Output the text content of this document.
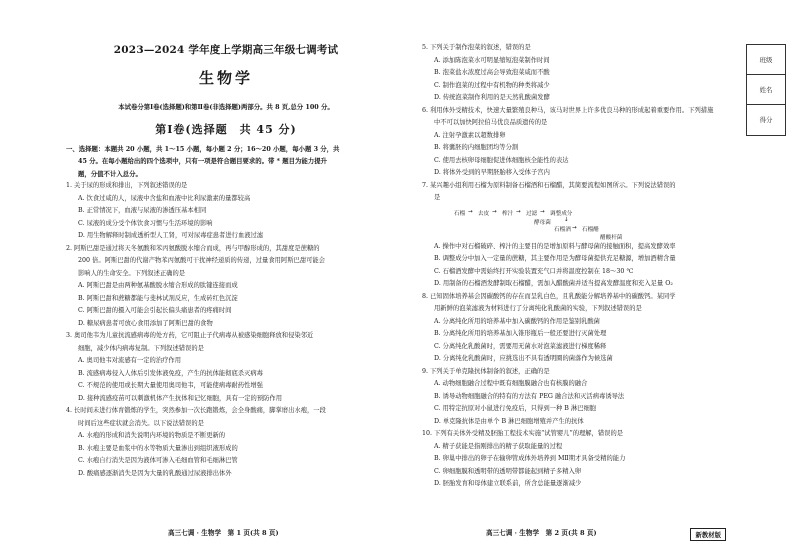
2023—2024 学年度上学期高三年级七调考试
生物学
本试卷分第Ⅰ卷(选择题)和第Ⅱ卷(非选择题)两部分。共 8 页,总分 100 分。
第Ⅰ卷(选择题　共 45 分)
一、选择题：本题共 20 小题，共 1～15 小题，每小题 2 分；16～20 小题，每小题 3 分，共
45 分。在每小题给出的四个选项中，只有一项是符合题目要求的。带 * 题目为能力提升
题，分值不计入总分。
1. 关于尿的形成和排出，下列叙述错误的是
A. 饮食过咸的人，尿液中含盐和血液中比利尿激素的量都较高
B. 正常情况下，血液与尿液的渗透压基本相同
C. 尿液的成分受个体饮食习惯与生活环境的影响
D. 用生物解释时制成透析型人工肾，可对尿毒症患者进行血液过滤
2. 阿斯巴甜是通过将天冬氨酸和苯丙氨酸脱水缩合而成，再与甲醇形成的，其甜度是蔗糖的
200 倍。阿斯巴甜的代谢产物苯丙氨酸可干扰神经递质的传递，过量食用阿斯巴甜可能会
影响人的生命安全。下列叙述正确的是
A. 阿斯巴甜是由两种氨基酸脱水缩合形成的肽键连接而成
B. 阿斯巴甜和蔗糖都能与斐林试剂反应，生成砖红色沉淀
C. 阿斯巴甜的摄入可能会引起长偏头痛患者的疼痛时间
D. 糖尿病患者可放心食用添加了阿斯巴甜的食物
3. 奥司他韦为儿童抗流感病毒的处方药，它可阻止子代病毒从被感染细胞释放和侵染邻近
细胞，减少体内病毒复制。下列叙述错误的是
A. 奥司他韦对流感有一定的治疗作用
B. 流感病毒侵入人体后引发体液免疫，产生的抗体能彻底杀灭病毒
C. 不规范的使用或长期大量使用奥司他韦，可能使病毒耐药性增强
D. 接种流感疫苗可以刺激机体产生抗体和记忆细胞，具有一定的预防作用
4. 长时间未进行体育锻炼的学生，突然参加一次长跑锻炼，会全身酸痛，脚掌磨出水疱，一段
时间后这些症状就会消失。以下说法错误的是
A. 水疱的形成和消失说明内环境的物质是不断更新的
B. 水疱主要是血浆中的水等物质大量渗出到组织液形成的
C. 水疱自行消失是因为液体可渗入毛细血管和毛细淋巴管
D. 酸痛感逐渐消失是因为大量的乳酸通过尿液排出体外
高三七调 · 生物学　第 1 页(共 8 页)
5. 下列关于制作泡菜的叙述，错误的是
A. 添加陈泡菜水可明显缩短泡菜制作时间
B. 泡菜盐水浓度过高会导致泡菜咸而不酸
C. 制作泡菜的过程中有机物的种类将减少
D. 传统泡菜制作利用的是天然乳酸菌发酵
6. 利用体外受精技术，快速大量繁殖良种马，该马对世界上许多优良马种的形成起着重要作用。下列措施
中不可以加快阿拉伯马优良品质遗传的是
A. 注射孕激素以超数排卵
B. 将囊胚的内细胞团均等分割
C. 使用去核卵母细胞促进体细胞核全能性的表达
D. 将体外受到的早期胚胎移入受体子宫内
7. 某兴趣小组利用石榴为原料制备石榴酒和石榴醋，其简要流程如图所示。下列说法错误的
是
石榴 → 去皮 → 榨汁 → 过滤 → 调整成分
↓
石榴酒 → 石榴醋
酵母菌
醋酸杆菌
A. 操作中对石榴破碎、榨汁的主要目的是增加原料与酵母菌的接触面积，提高发酵效率
B. 调整成分中加入一定量的蔗糖，其主要作用是为酵母菌提供充足糖源，增加酒精含量
C. 石榴酒发酵中需始终打开实验装置充气口并将温度控制在 18～30 ℃
D. 用制备的石榴酒发酵制取石榴醋，需加入醋酸菌并适当提高发酵温度和充入足量 O₂
8. 已知固体培养基会因碳酸钙的存在而呈乳白色，且乳酸能分解培养基中的碳酸钙。某同学
用新鲜的泡菜滤液为材料进行了分离纯化乳酸菌的实验，下列叙述错误的是
A. 分离纯化所用的培养基中加入碳酸钙的作用是鉴别乳酸菌
B. 分离纯化所用的培养基加入锥形瓶后一般还要进行灭菌处理
C. 分离纯化乳酸菌时，需要用无菌水对泡菜滤液进行梯度稀释
D. 分离纯化乳酸菌时，应挑选出不具有透明圈的菌落作为候选菌
9. 下列关于单克隆抗体制备的叙述，正确的是
A. 动物细胞融合过程中既有细胞膜融合也有核膜的融合
B. 诱导动物细胞融合的特有的方法有 PEG 融合法和灭活病毒诱导法
C. 用特定抗原对小鼠进行免疫后，只得到一种 B 淋巴细胞
D. 单克隆抗体是由单个 B 淋巴细胞增殖并产生的抗体
10. 下列有关体外受精及胚胎工程技术实施“试管婴儿”的理解，错误的是
A. 精子获能是指刚排出的精子获取能量的过程
B. 卵巢中排出的卵子在输卵管成体外培养到 MⅡ期才具备受精的能力
C. 卵细胞膜和透明带的透明带都能起到精子多精入卵
D. 胚胎发育和母体建立联系前，所含总能量逐渐减少
高三七调 · 生物学　第 2 页(共 8 页)	新教材版
班级
姓名
得分
